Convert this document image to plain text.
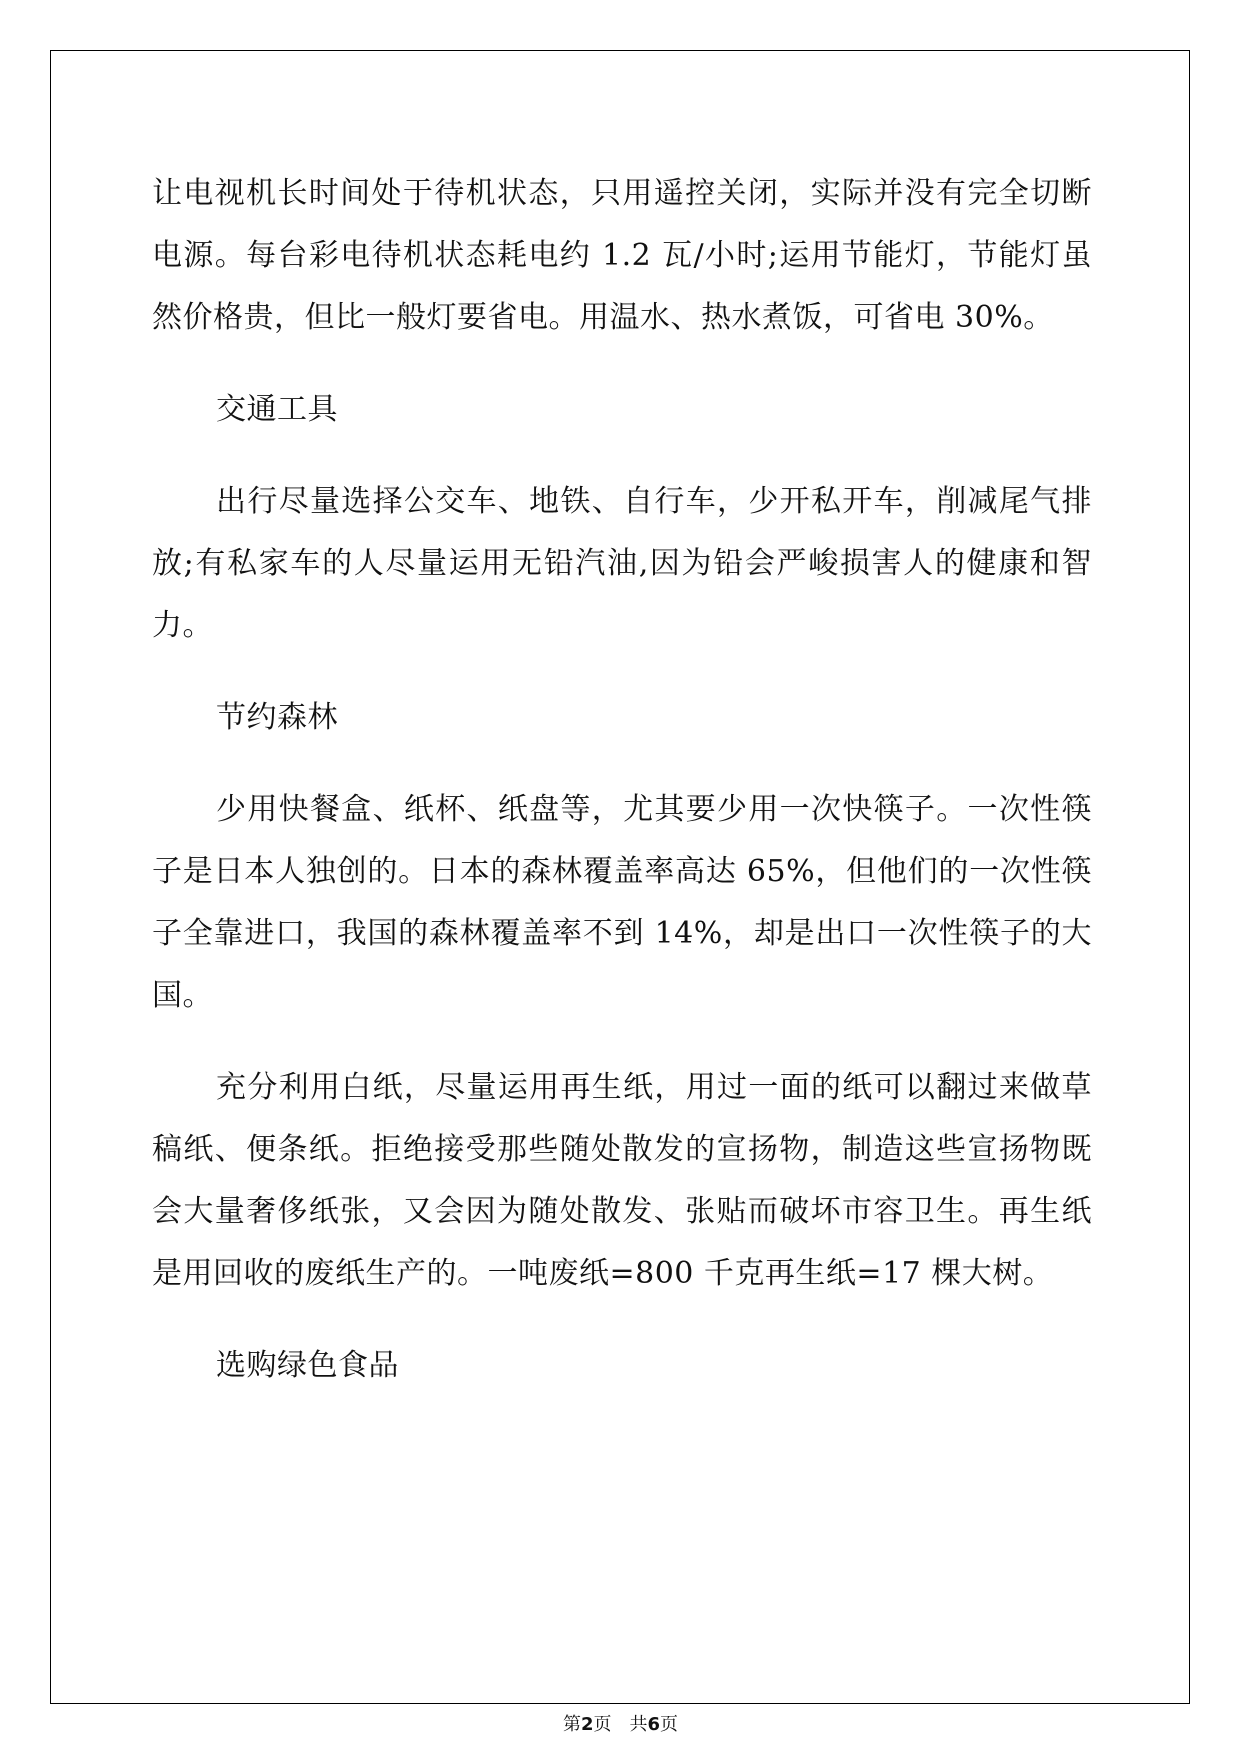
让电视机长时间处于待机状态，只用遥控关闭，实际并没有完全切断电源。每台彩电待机状态耗电约 1.2 瓦/小时;运用节能灯，节能灯虽然价格贵，但比一般灯要省电。用温水、热水煮饭，可省电 30%。

交通工具

出行尽量选择公交车、地铁、自行车，少开私开车，削减尾气排放;有私家车的人尽量运用无铅汽油,因为铅会严峻损害人的健康和智力。

节约森林

少用快餐盒、纸杯、纸盘等，尤其要少用一次快筷子。一次性筷子是日本人独创的。日本的森林覆盖率高达 65%，但他们的一次性筷子全靠进口，我国的森林覆盖率不到 14%，却是出口一次性筷子的大国。

充分利用白纸，尽量运用再生纸，用过一面的纸可以翻过来做草稿纸、便条纸。拒绝接受那些随处散发的宣扬物，制造这些宣扬物既会大量奢侈纸张，又会因为随处散发、张贴而破坏市容卫生。再生纸是用回收的废纸生产的。一吨废纸=800 千克再生纸=17 棵大树。

选购绿色食品

第2页　共6页
